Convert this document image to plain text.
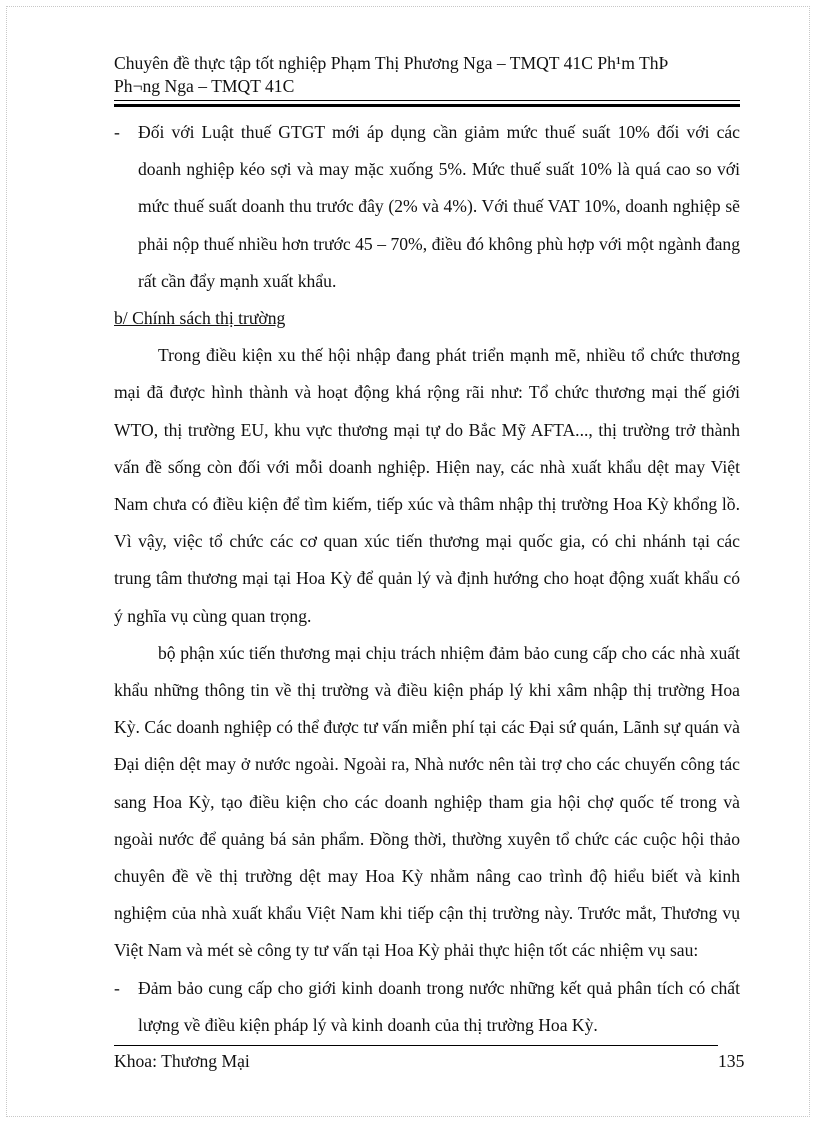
Chuyên đề thực tập tốt nghiệp Phạm Thị Phương Nga – TMQT 41C Ph¹m ThÞ
Ph¬ng Nga – TMQT 41C
-	Đối với Luật thuế GTGT mới áp dụng cần giảm mức thuế suất 10% đối với các doanh nghiệp kéo sợi và may mặc xuống 5%. Mức thuế suất 10% là quá cao so với mức thuế suất doanh thu trước đây (2% và 4%). Với thuế VAT 10%, doanh nghiệp sẽ phải nộp thuế nhiều hơn trước 45 – 70%, điều đó không phù hợp với một ngành đang rất cần đẩy mạnh xuất khẩu.

b/ Chính sách thị trường

Trong điều kiện xu thế hội nhập đang phát triển mạnh mẽ, nhiều tổ chức thương mại đã được hình thành và hoạt động khá rộng rãi như: Tổ chức thương mại thế giới WTO, thị trường EU, khu vực thương mại tự do Bắc Mỹ AFTA..., thị trường trở thành vấn đề sống còn đối với mỗi doanh nghiệp. Hiện nay, các nhà xuất khẩu dệt may Việt Nam chưa có điều kiện để tìm kiếm, tiếp xúc và thâm nhập thị trường Hoa Kỳ khổng lồ. Vì vậy, việc tổ chức các cơ quan xúc tiến thương mại quốc gia, có chi nhánh tại các trung tâm thương mại tại Hoa Kỳ để quản lý và định hướng cho hoạt động xuất khẩu có ý nghĩa vụ cùng quan trọng.

bộ phận xúc tiến thương mại chịu trách nhiệm đảm bảo cung cấp cho các nhà xuất khẩu những thông tin về thị trường và điều kiện pháp lý khi xâm nhập thị trường Hoa Kỳ. Các doanh nghiệp có thể được tư vấn miễn phí tại các Đại sứ quán, Lãnh sự quán và Đại diện dệt may ở nước ngoài. Ngoài ra, Nhà nước nên tài trợ cho các chuyến công tác sang Hoa Kỳ, tạo điều kiện cho các doanh nghiệp tham gia hội chợ quốc tế trong và ngoài nước để quảng bá sản phẩm. Đồng thời, thường xuyên tổ chức các cuộc hội thảo chuyên đề về thị trường dệt may Hoa Kỳ nhằm nâng cao trình độ hiểu biết và kinh nghiệm của nhà xuất khẩu Việt Nam khi tiếp cận thị trường này. Trước mắt, Thương vụ Việt Nam và mét sè công ty tư vấn tại Hoa Kỳ phải thực hiện tốt các nhiệm vụ sau:

-	Đảm bảo cung cấp cho giới kinh doanh trong nước những kết quả phân tích có chất lượng về điều kiện pháp lý và kinh doanh của thị trường Hoa Kỳ.

Khoa: Thương Mại	135
